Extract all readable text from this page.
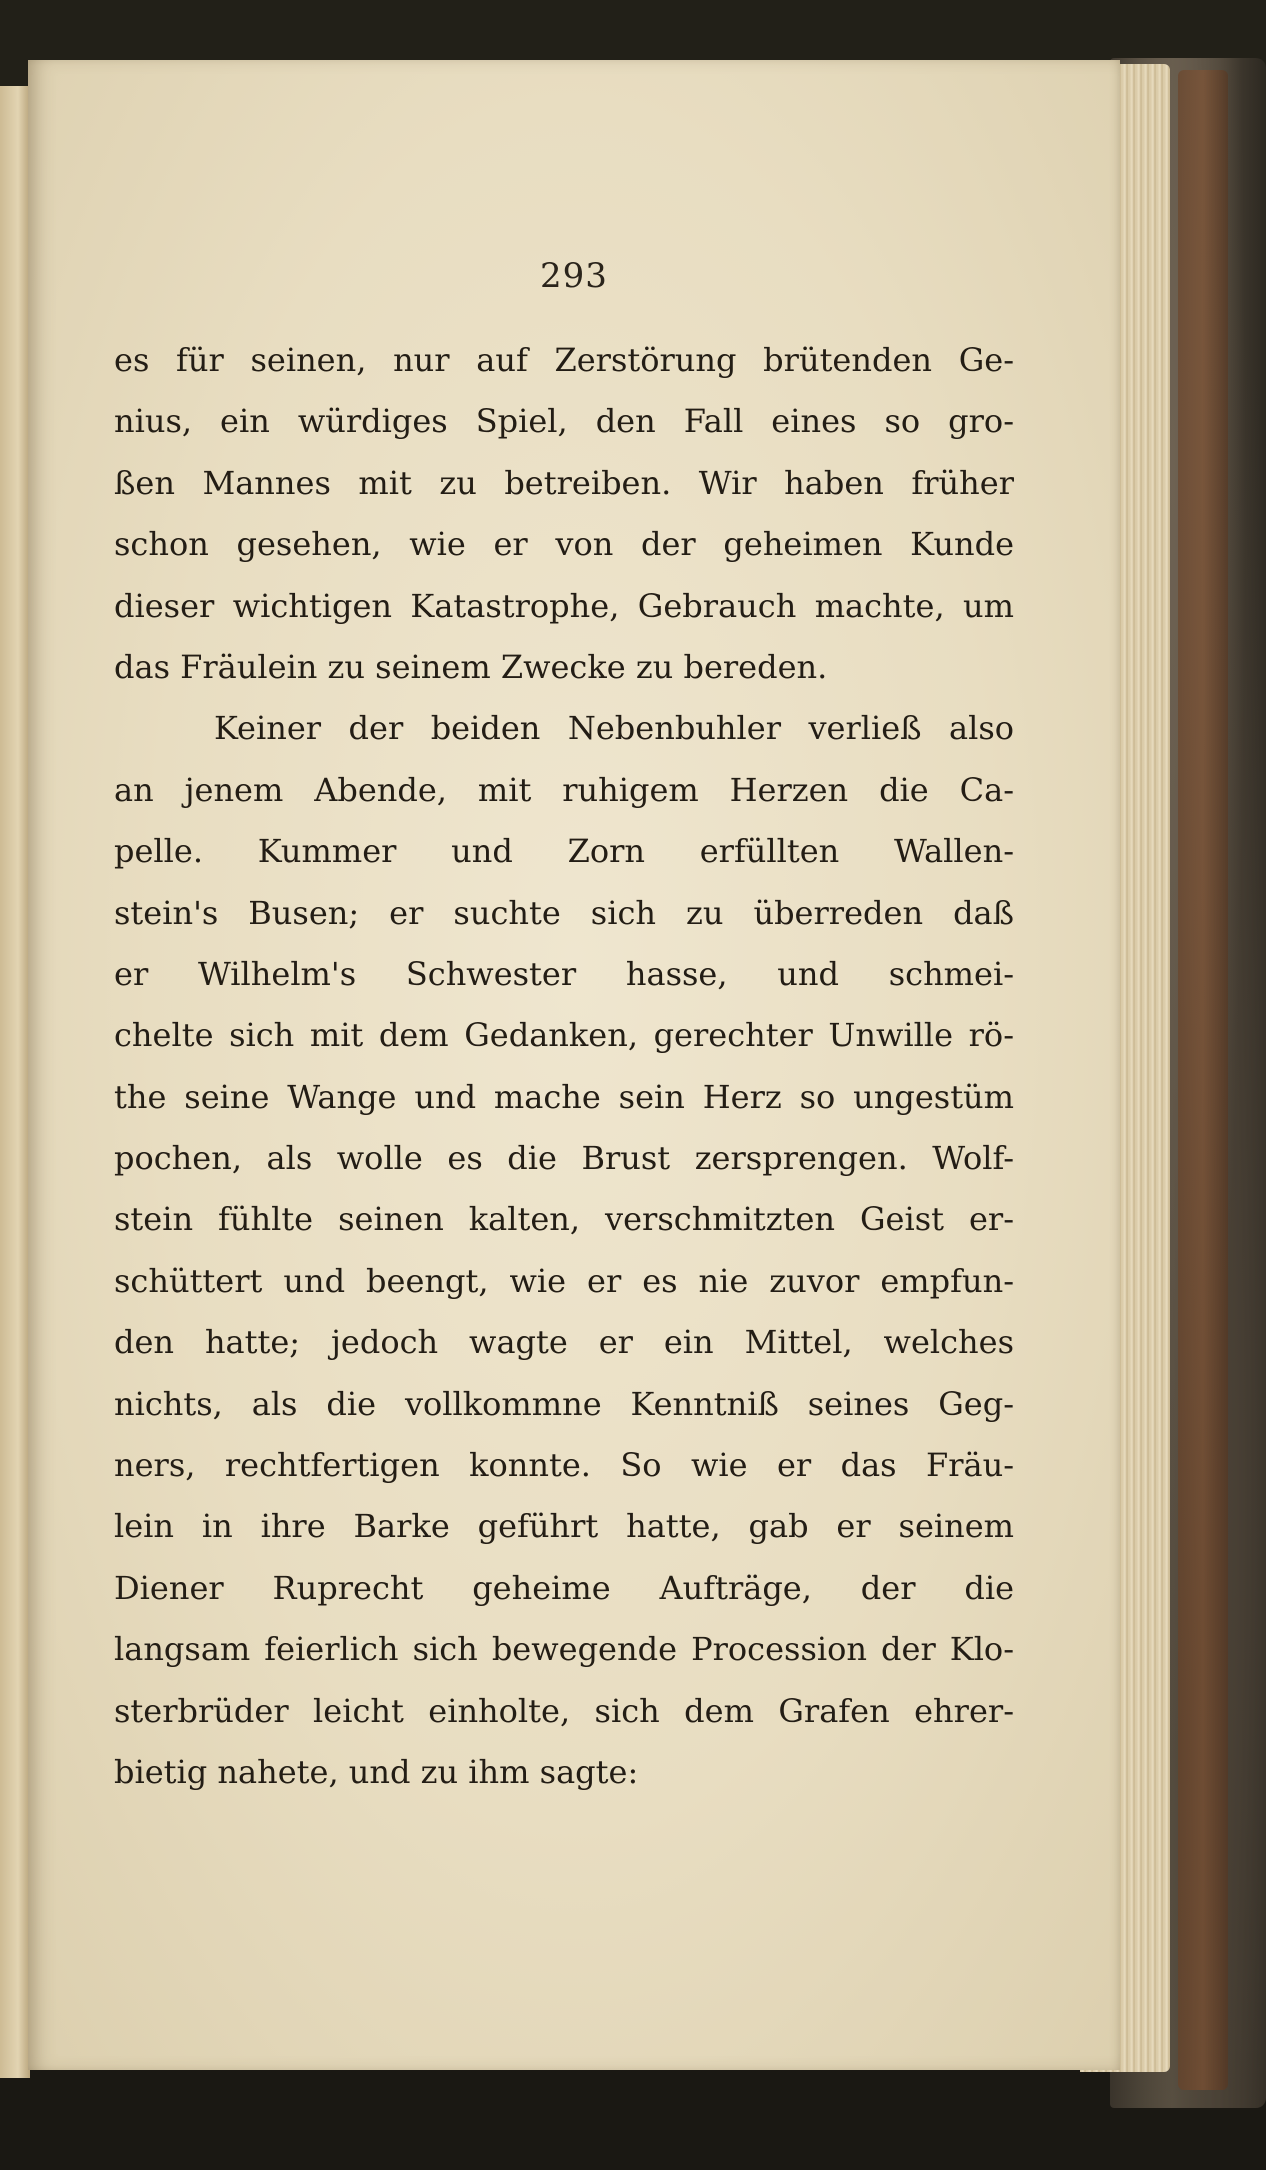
293
es für seinen, nur auf Zerstörung brütenden Ge-
nius, ein würdiges Spiel, den Fall eines so gro-
ßen Mannes mit zu betreiben. Wir haben früher
schon gesehen, wie er von der geheimen Kunde
dieser wichtigen Katastrophe, Gebrauch machte, um
das Fräulein zu seinem Zwecke zu bereden.
Keiner der beiden Nebenbuhler verließ also
an jenem Abende, mit ruhigem Herzen die Ca-
pelle. Kummer und Zorn erfüllten Wallen-
stein's Busen; er suchte sich zu überreden daß
er Wilhelm's Schwester hasse, und schmei-
chelte sich mit dem Gedanken, gerechter Unwille rö-
the seine Wange und mache sein Herz so ungestüm
pochen, als wolle es die Brust zersprengen. Wolf-
stein fühlte seinen kalten, verschmitzten Geist er-
schüttert und beengt, wie er es nie zuvor empfun-
den hatte; jedoch wagte er ein Mittel, welches
nichts, als die vollkommne Kenntniß seines Geg-
ners, rechtfertigen konnte. So wie er das Fräu-
lein in ihre Barke geführt hatte, gab er seinem
Diener Ruprecht geheime Aufträge, der die
langsam feierlich sich bewegende Procession der Klo-
sterbrüder leicht einholte, sich dem Grafen ehrer-
bietig nahete, und zu ihm sagte:
